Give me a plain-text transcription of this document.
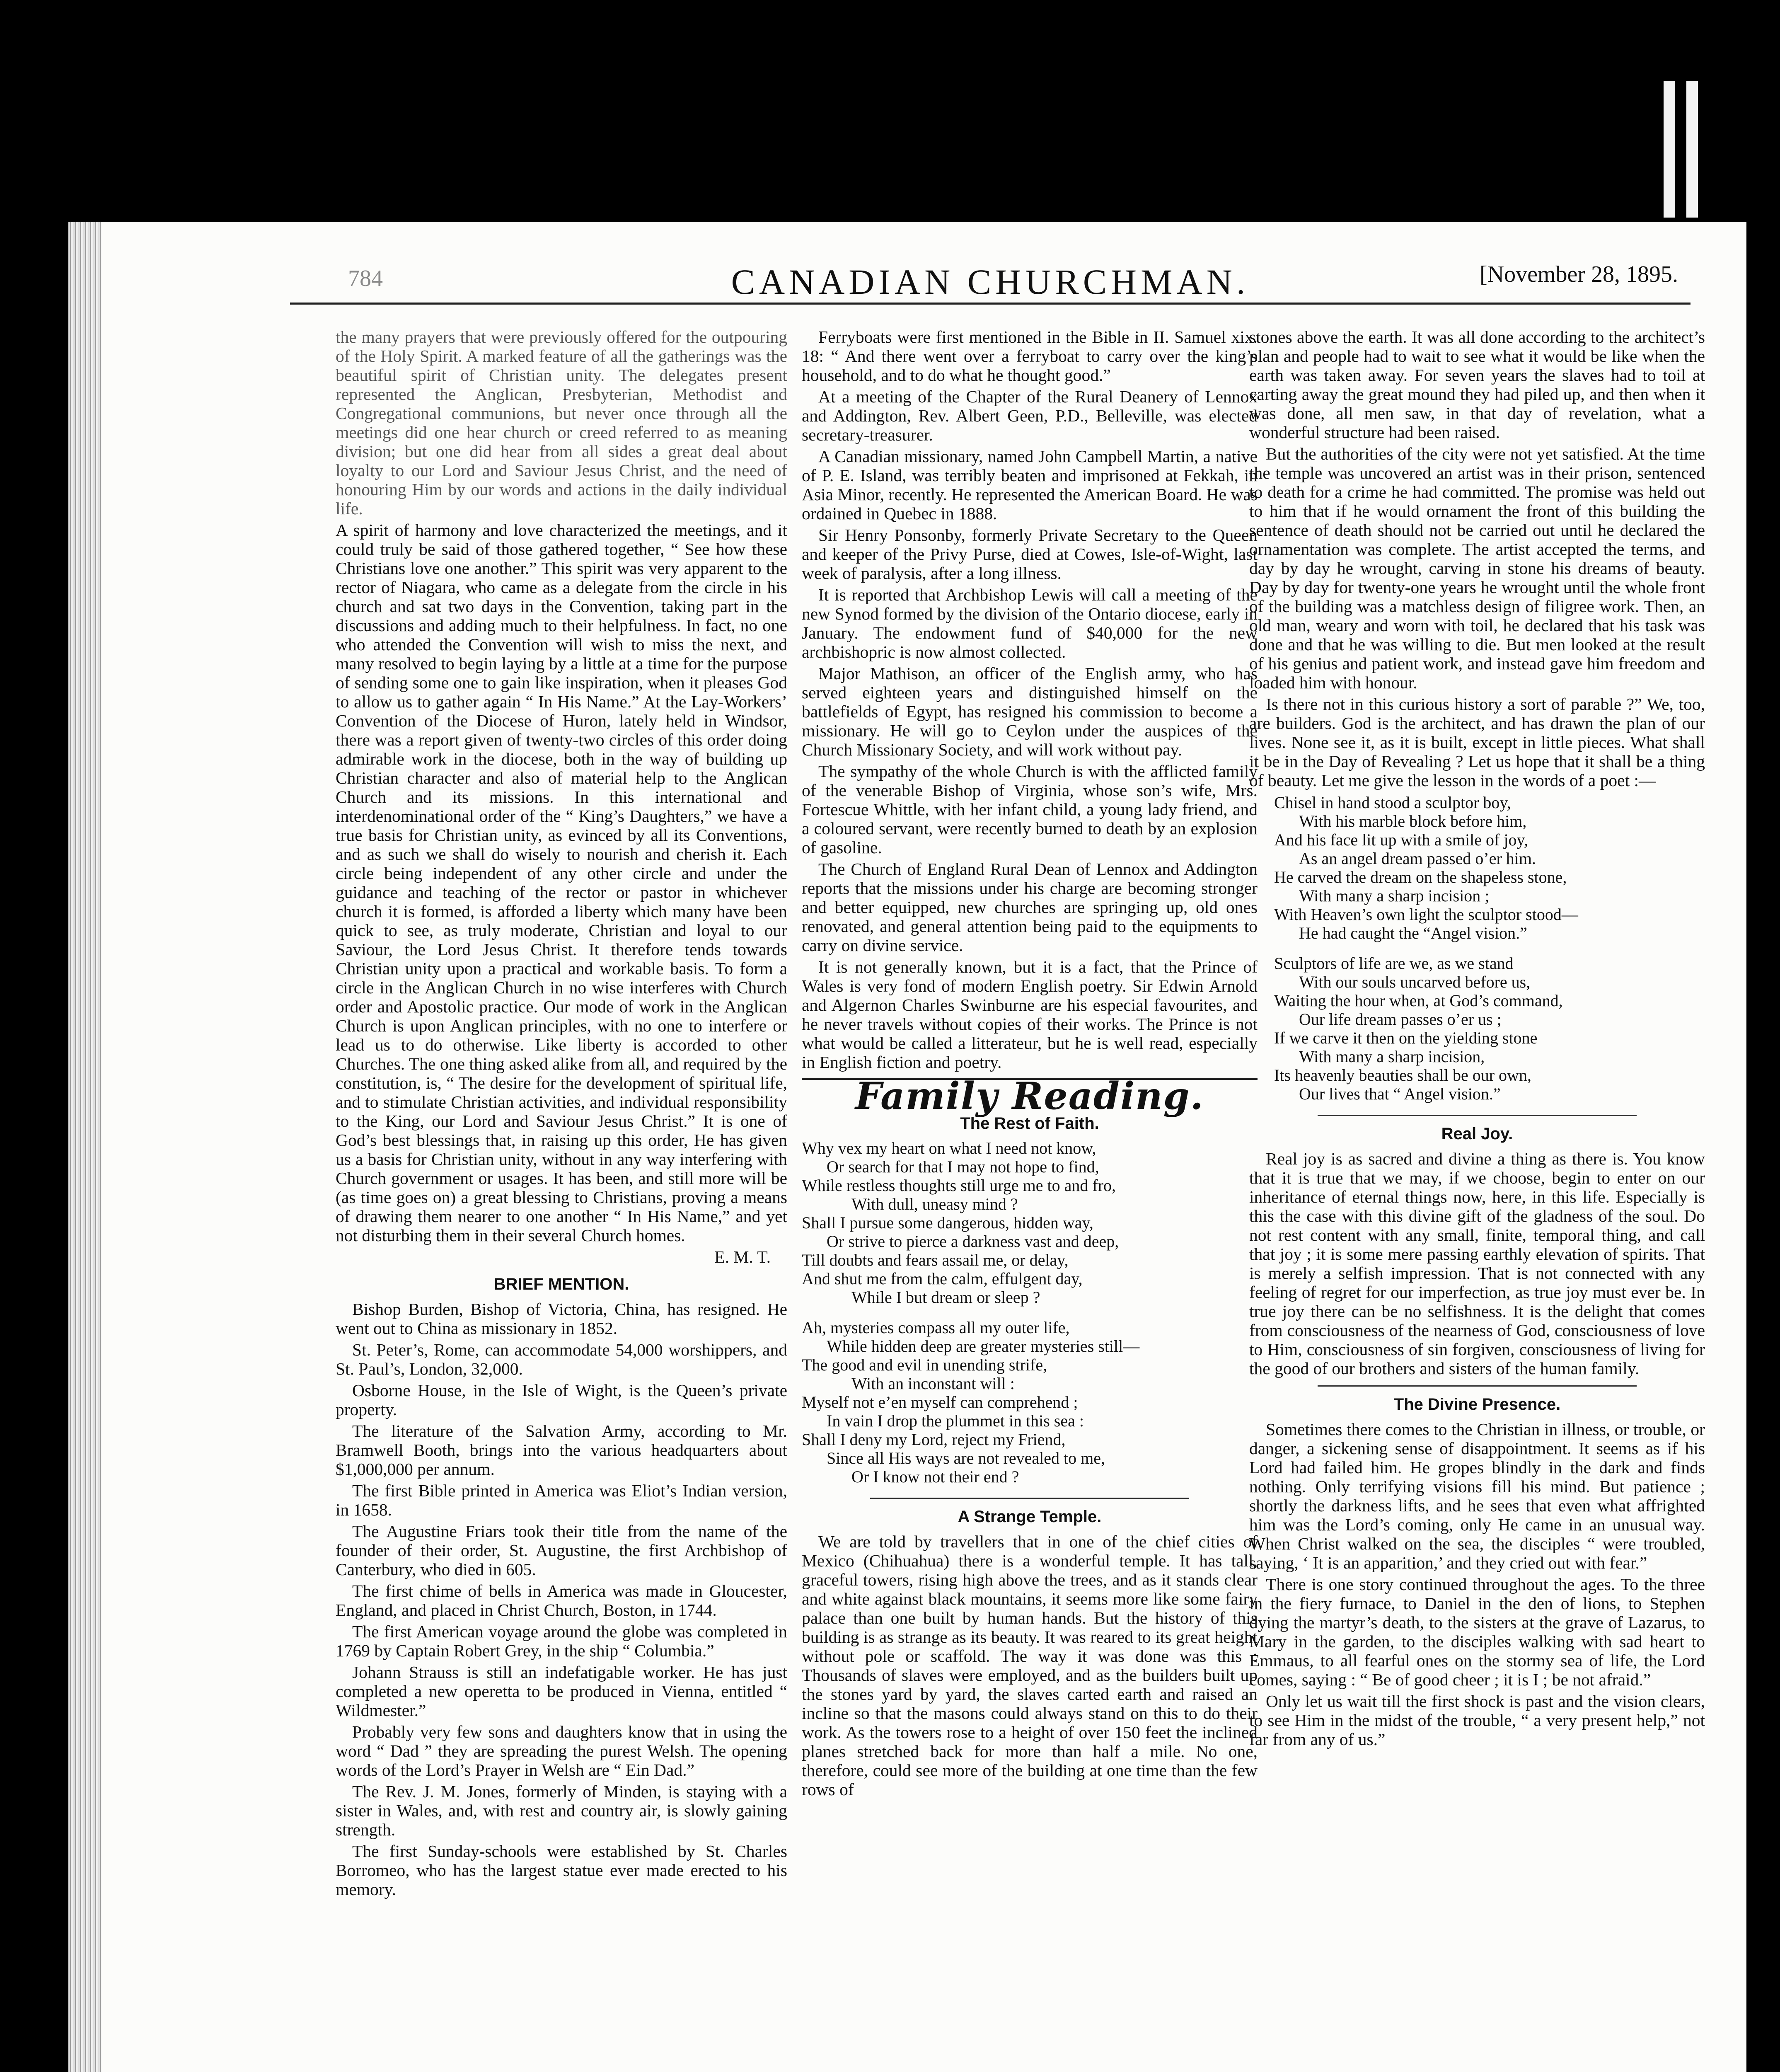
784	CANADIAN CHURCHMAN.	[November 28, 1895.

the many prayers that were previously offered for the outpouring of the Holy Spirit. A marked feature of all the gatherings was the beautiful spirit of Christian unity. The delegates present represented the Anglican, Presbyterian, Methodist and Congregational communions, but never once through all the meetings did one hear church or creed referred to as meaning division; but one did hear from all sides a great deal about loyalty to our Lord and Saviour Jesus Christ, and the need of honouring Him by our words and actions in the daily individual life.

A spirit of harmony and love characterized the meetings, and it could truly be said of those gathered together, “ See how these Christians love one another.” This spirit was very apparent to the rector of Niagara, who came as a delegate from the circle in his church and sat two days in the Convention, taking part in the discussions and adding much to their helpfulness. In fact, no one who attended the Convention will wish to miss the next, and many resolved to begin laying by a little at a time for the purpose of sending some one to gain like inspiration, when it pleases God to allow us to gather again “ In His Name.” At the Lay-Workers’ Convention of the Diocese of Huron, lately held in Windsor, there was a report given of twenty-two circles of this order doing admirable work in the diocese, both in the way of building up Christian character and also of material help to the Anglican Church and its missions. In this international and interdenominational order of the “ King’s Daughters,” we have a true basis for Christian unity, as evinced by all its Conventions, and as such we shall do wisely to nourish and cherish it. Each circle being independent of any other circle and under the guidance and teaching of the rector or pastor in whichever church it is formed, is afforded a liberty which many have been quick to see, as truly moderate, Christian and loyal to our Saviour, the Lord Jesus Christ. It therefore tends towards Christian unity upon a practical and workable basis. To form a circle in the Anglican Church in no wise interferes with Church order and Apostolic practice. Our mode of work in the Anglican Church is upon Anglican principles, with no one to interfere or lead us to do otherwise. Like liberty is accorded to other Churches. The one thing asked alike from all, and required by the constitution, is, “ The desire for the development of spiritual life, and to stimulate Christian activities, and individual responsibility to the King, our Lord and Saviour Jesus Christ.” It is one of God’s best blessings that, in raising up this order, He has given us a basis for Christian unity, without in any way interfering with Church government or usages. It has been, and still more will be (as time goes on) a great blessing to Christians, proving a means of drawing them nearer to one another “ In His Name,” and yet not disturbing them in their several Church homes.

E. M. T.
BRIEF MENTION.

Bishop Burden, Bishop of Victoria, China, has resigned. He went out to China as missionary in 1852.

St. Peter’s, Rome, can accommodate 54,000 worshippers, and St. Paul’s, London, 32,000.

Osborne House, in the Isle of Wight, is the Queen’s private property.

The literature of the Salvation Army, according to Mr. Bramwell Booth, brings into the various headquarters about $1,000,000 per annum.

The first Bible printed in America was Eliot’s Indian version, in 1658.

The Augustine Friars took their title from the name of the founder of their order, St. Augustine, the first Archbishop of Canterbury, who died in 605.

The first chime of bells in America was made in Gloucester, England, and placed in Christ Church, Boston, in 1744.

The first American voyage around the globe was completed in 1769 by Captain Robert Grey, in the ship “ Columbia.”

Johann Strauss is still an indefatigable worker. He has just completed a new operetta to be produced in Vienna, entitled “ Wildmester.”

Probably very few sons and daughters know that in using the word “ Dad ” they are spreading the purest Welsh. The opening words of the Lord’s Prayer in Welsh are “ Ein Dad.”

The Rev. J. M. Jones, formerly of Minden, is staying with a sister in Wales, and, with rest and country air, is slowly gaining strength.

The first Sunday-schools were established by St. Charles Borromeo, who has the largest statue ever made erected to his memory.

Ferryboats were first mentioned in the Bible in II. Samuel xix. 18: “ And there went over a ferryboat to carry over the king’s household, and to do what he thought good.”

At a meeting of the Chapter of the Rural Deanery of Lennox and Addington, Rev. Albert Geen, P.D., Belleville, was elected secretary-treasurer.

A Canadian missionary, named John Campbell Martin, a native of P. E. Island, was terribly beaten and imprisoned at Fekkah, in Asia Minor, recently. He represented the American Board. He was ordained in Quebec in 1888.

Sir Henry Ponsonby, formerly Private Secretary to the Queen and keeper of the Privy Purse, died at Cowes, Isle-of-Wight, last week of paralysis, after a long illness.

It is reported that Archbishop Lewis will call a meeting of the new Synod formed by the division of the Ontario diocese, early in January. The endowment fund of $40,000 for the new archbishopric is now almost collected.

Major Mathison, an officer of the English army, who has served eighteen years and distinguished himself on the battlefields of Egypt, has resigned his commission to become a missionary. He will go to Ceylon under the auspices of the Church Missionary Society, and will work without pay.

The sympathy of the whole Church is with the afflicted family of the venerable Bishop of Virginia, whose son’s wife, Mrs. Fortescue Whittle, with her infant child, a young lady friend, and a coloured servant, were recently burned to death by an explosion of gasoline.

The Church of England Rural Dean of Lennox and Addington reports that the missions under his charge are becoming stronger and better equipped, new churches are springing up, old ones renovated, and general attention being paid to the equipments to carry on divine service.

It is not generally known, but it is a fact, that the Prince of Wales is very fond of modern English poetry. Sir Edwin Arnold and Algernon Charles Swinburne are his especial favourites, and he never travels without copies of their works. The Prince is not what would be called a litterateur, but he is well read, especially in English fiction and poetry.

Family Reading.
The Rest of Faith.
Why vex my heart on what I need not know,
Or search for that I may not hope to find,
While restless thoughts still urge me to and fro,
With dull, uneasy mind ?
Shall I pursue some dangerous, hidden way,
Or strive to pierce a darkness vast and deep,
Till doubts and fears assail me, or delay,
And shut me from the calm, effulgent day,
While I but dream or sleep ?
Ah, mysteries compass all my outer life,
While hidden deep are greater mysteries still—
The good and evil in unending strife,
With an inconstant will :
Myself not e’en myself can comprehend ;
In vain I drop the plummet in this sea :
Shall I deny my Lord, reject my Friend,
Since all His ways are not revealed to me,
Or I know not their end ?
A Strange Temple.

We are told by travellers that in one of the chief cities of Mexico (Chihuahua) there is a wonderful temple. It has tall, graceful towers, rising high above the trees, and as it stands clear and white against black mountains, it seems more like some fairy palace than one built by human hands. But the history of this building is as strange as its beauty. It was reared to its great height without pole or scaffold. The way it was done was this : Thousands of slaves were employed, and as the builders built up the stones yard by yard, the slaves carted earth and raised an incline so that the masons could always stand on this to do their work. As the towers rose to a height of over 150 feet the inclined planes stretched back for more than half a mile. No one, therefore, could see more of the building at one time than the few rows of

stones above the earth. It was all done according to the architect’s plan and people had to wait to see what it would be like when the earth was taken away. For seven years the slaves had to toil at carting away the great mound they had piled up, and then when it was done, all men saw, in that day of revelation, what a wonderful structure had been raised.

But the authorities of the city were not yet satisfied. At the time the temple was uncovered an artist was in their prison, sentenced to death for a crime he had committed. The promise was held out to him that if he would ornament the front of this building the sentence of death should not be carried out until he declared the ornamentation was complete. The artist accepted the terms, and day by day he wrought, carving in stone his dreams of beauty. Day by day for twenty-one years he wrought until the whole front of the building was a matchless design of filigree work. Then, an old man, weary and worn with toil, he declared that his task was done and that he was willing to die. But men looked at the result of his genius and patient work, and instead gave him freedom and loaded him with honour.

Is there not in this curious history a sort of parable ?” We, too, are builders. God is the architect, and has drawn the plan of our lives. None see it, as it is built, except in little pieces. What shall it be in the Day of Revealing ? Let us hope that it shall be a thing of beauty. Let me give the lesson in the words of a poet :—

Chisel in hand stood a sculptor boy,
With his marble block before him,
And his face lit up with a smile of joy,
As an angel dream passed o’er him.
He carved the dream on the shapeless stone,
With many a sharp incision ;
With Heaven’s own light the sculptor stood—
He had caught the “Angel vision.”
Sculptors of life are we, as we stand
With our souls uncarved before us,
Waiting the hour when, at God’s command,
Our life dream passes o’er us ;
If we carve it then on the yielding stone
With many a sharp incision,
Its heavenly beauties shall be our own,
Our lives that “ Angel vision.”
Real Joy.

Real joy is as sacred and divine a thing as there is. You know that it is true that we may, if we choose, begin to enter on our inheritance of eternal things now, here, in this life. Especially is this the case with this divine gift of the gladness of the soul. Do not rest content with any small, finite, temporal thing, and call that joy ; it is some mere passing earthly elevation of spirits. That is merely a selfish impression. That is not connected with any feeling of regret for our imperfection, as true joy must ever be. In true joy there can be no selfishness. It is the delight that comes from consciousness of the nearness of God, consciousness of love to Him, consciousness of sin forgiven, consciousness of living for the good of our brothers and sisters of the human family.

The Divine Presence.

Sometimes there comes to the Christian in illness, or trouble, or danger, a sickening sense of disappointment. It seems as if his Lord had failed him. He gropes blindly in the dark and finds nothing. Only terrifying visions fill his mind. But patience ; shortly the darkness lifts, and he sees that even what affrighted him was the Lord’s coming, only He came in an unusual way. When Christ walked on the sea, the disciples “ were troubled, saying, ‘ It is an apparition,’ and they cried out with fear.”

There is one story continued throughout the ages. To the three in the fiery furnace, to Daniel in the den of lions, to Stephen dying the martyr’s death, to the sisters at the grave of Lazarus, to Mary in the garden, to the disciples walking with sad heart to Emmaus, to all fearful ones on the stormy sea of life, the Lord comes, saying : “ Be of good cheer ; it is I ; be not afraid.”

Only let us wait till the first shock is past and the vision clears, to see Him in the midst of the trouble, “ a very present help,” not far from any of us.”
